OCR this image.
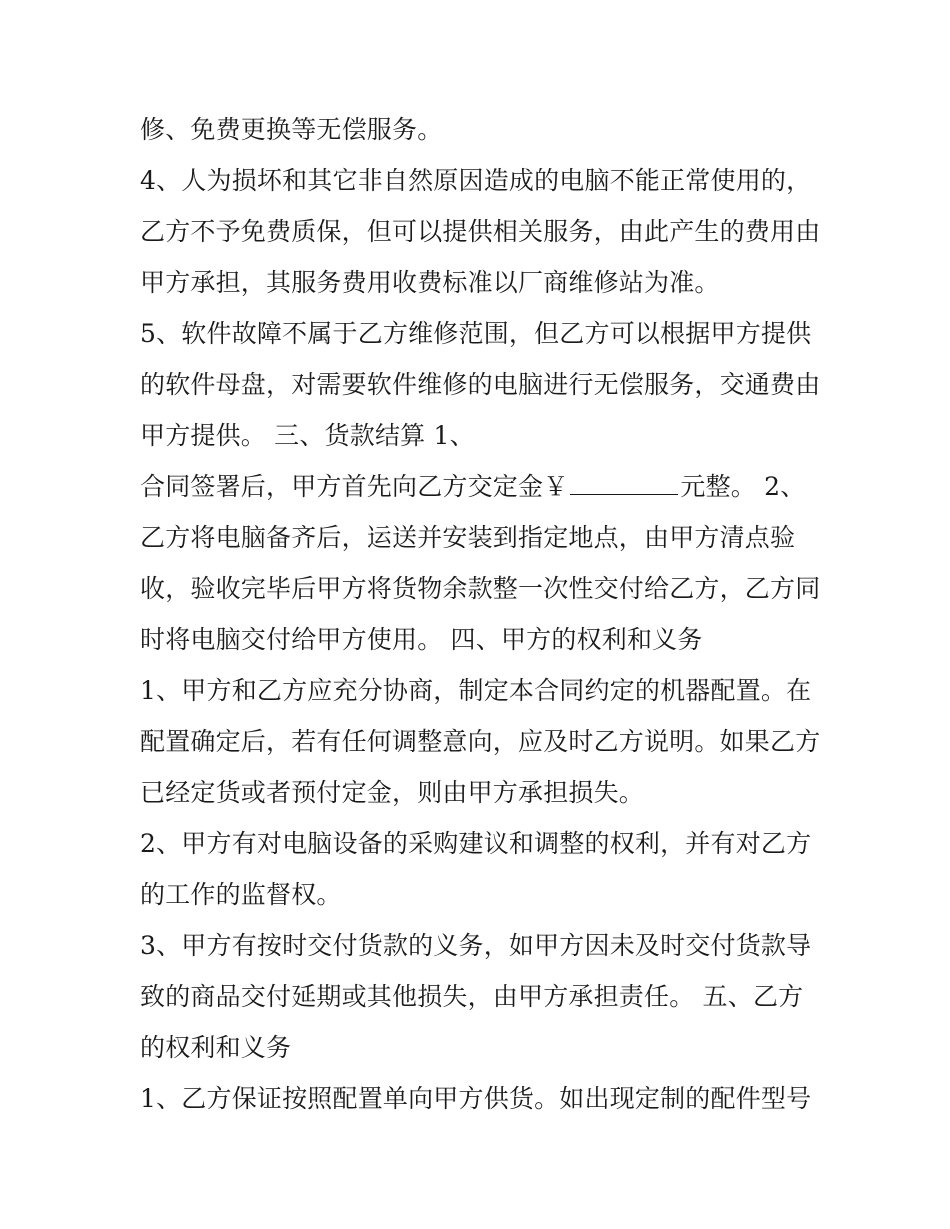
修、免费更换等无偿服务。
4、人为损坏和其它非自然原因造成的电脑不能正常使用的，
乙方不予免费质保，但可以提供相关服务，由此产生的费用由
甲方承担，其服务费用收费标准以厂商维修站为准。
5、软件故障不属于乙方维修范围，但乙方可以根据甲方提供
的软件母盘，对需要软件维修的电脑进行无偿服务，交通费由
甲方提供。 三、货款结算 1、
合同签署后，甲方首先向乙方交定金￥	元整。 2、
乙方将电脑备齐后，运送并安装到指定地点，由甲方清点验
收，验收完毕后甲方将货物余款整一次性交付给乙方，乙方同
时将电脑交付给甲方使用。 四、甲方的权利和义务
1、甲方和乙方应充分协商，制定本合同约定的机器配置。在
配置确定后，若有任何调整意向，应及时乙方说明。如果乙方
已经定货或者预付定金，则由甲方承担损失。
2、甲方有对电脑设备的采购建议和调整的权利，并有对乙方
的工作的监督权。
3、甲方有按时交付货款的义务，如甲方因未及时交付货款导
致的商品交付延期或其他损失，由甲方承担责任。 五、乙方
的权利和义务
1、乙方保证按照配置单向甲方供货。如出现定制的配件型号
